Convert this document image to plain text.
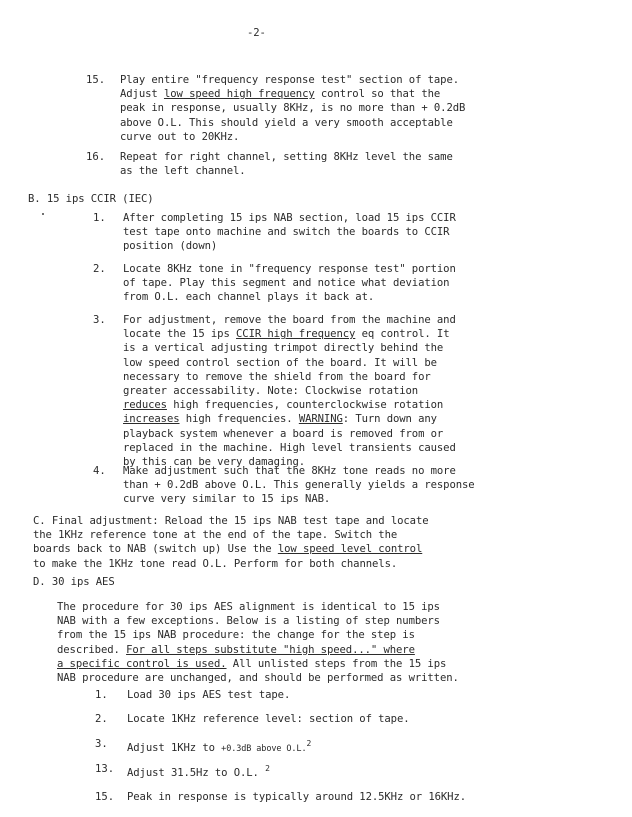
-2-
15. Play entire "frequency response test" section of tape.
Adjust low speed high frequency control so that the
peak in response, usually 8KHz, is no more than + 0.2dB
above O.L. This should yield a very smooth acceptable
curve out to 20KHz.
16. Repeat for right channel, setting 8KHz level the same
as the left channel.
B. 15 ips CCIR (IEC)
1. After completing 15 ips NAB section, load 15 ips CCIR
test tape onto machine and switch the boards to CCIR
position (down)
2. Locate 8KHz tone in "frequency response test" portion
of tape. Play this segment and notice what deviation
from O.L. each channel plays it back at.
3. For adjustment, remove the board from the machine and
locate the 15 ips CCIR high frequency eq control. It
is a vertical adjusting trimpot directly behind the
low speed control section of the board. It will be
necessary to remove the shield from the board for
greater accessability. Note: Clockwise rotation
reduces high frequencies, counterclockwise rotation
increases high frequencies. WARNING: Turn down any
playback system whenever a board is removed from or
replaced in the machine. High level transients caused
by this can be very damaging.
4. Make adjustment such that the 8KHz tone reads no more
than + 0.2dB above O.L. This generally yields a response
curve very similar to 15 ips NAB.
C. Final adjustment: Reload the 15 ips NAB test tape and locate
the 1KHz reference tone at the end of the tape. Switch the
boards back to NAB (switch up) Use the low speed level control
to make the 1KHz tone read O.L. Perform for both channels.
D. 30 ips AES
The procedure for 30 ips AES alignment is identical to 15 ips
NAB with a few exceptions. Below is a listing of step numbers
from the 15 ips NAB procedure: the change for the step is
described. For all steps substitute "high speed..." where
a specific control is used. All unlisted steps from the 15 ips
NAB procedure are unchanged, and should be performed as written.
1. Load 30 ips AES test tape.
2. Locate 1KHz reference level: section of tape.
3. Adjust 1KHz to +0.3dB above O.L.$^2$
13. Adjust 31.5Hz to O.L. $^2$
15. Peak in response is typically around 12.5KHz or 16KHz.
